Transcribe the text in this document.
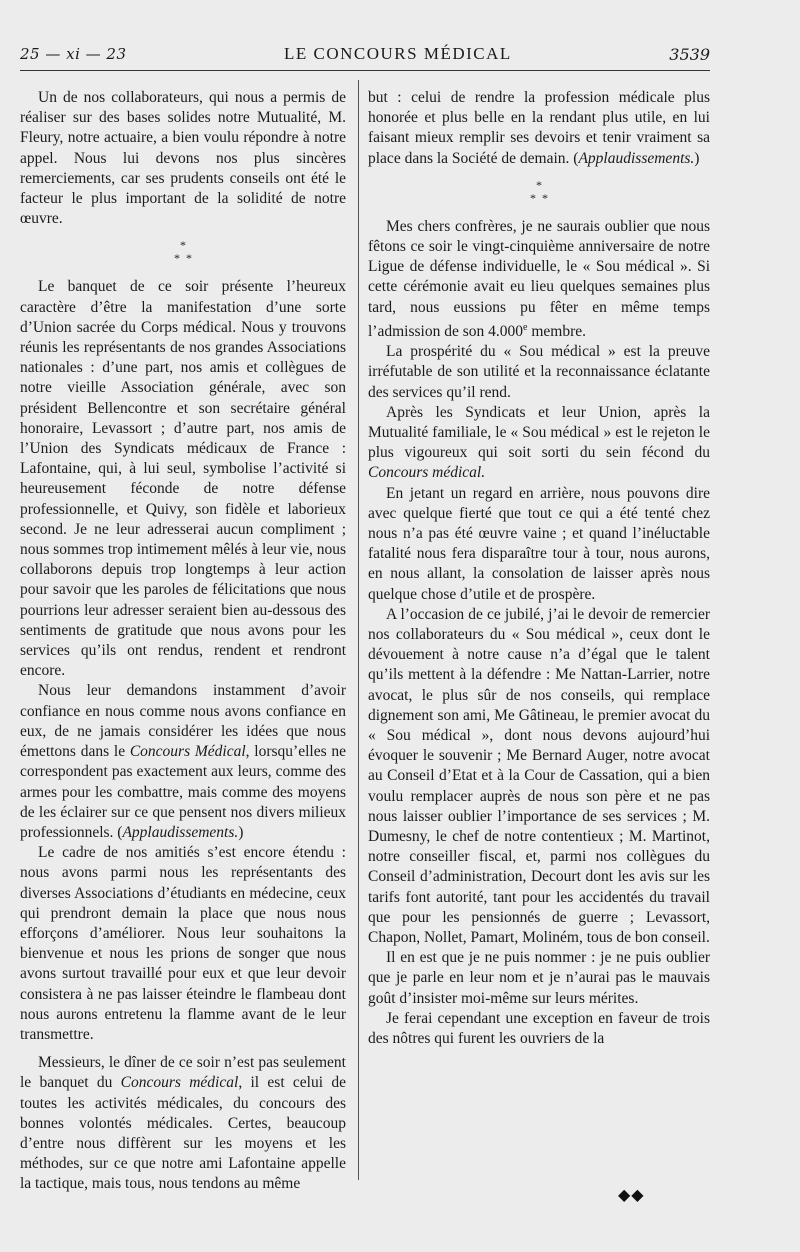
25 — xi — 23	LE CONCOURS MÉDICAL	3539

Un de nos collaborateurs, qui nous a permis de réaliser sur des bases solides notre Mutualité, M. Fleury, notre actuaire, a bien voulu répondre à notre appel. Nous lui devons nos plus sincères remerciements, car ses prudents conseils ont été le facteur le plus important de la solidité de notre œuvre.

*
**

Le banquet de ce soir présente l’heureux caractère d’être la manifestation d’une sorte d’Union sacrée du Corps médical. Nous y trouvons réunis les représentants de nos grandes Associations nationales : d’une part, nos amis et collègues de notre vieille Association générale, avec son président Bellencontre et son secrétaire général honoraire, Levassort ; d’autre part, nos amis de l’Union des Syndicats médicaux de France : Lafontaine, qui, à lui seul, symbolise l’activité si heureusement féconde de notre défense professionnelle, et Quivy, son fidèle et laborieux second. Je ne leur adresserai aucun compliment ; nous sommes trop intimement mêlés à leur vie, nous collaborons depuis trop longtemps à leur action pour savoir que les paroles de félicitations que nous pourrions leur adresser seraient bien au-dessous des sentiments de gratitude que nous avons pour les services qu’ils ont rendus, rendent et rendront encore.

Nous leur demandons instamment d’avoir confiance en nous comme nous avons confiance en eux, de ne jamais considérer les idées que nous émettons dans le Concours Médical, lorsqu’elles ne correspondent pas exactement aux leurs, comme des armes pour les combattre, mais comme des moyens de les éclairer sur ce que pensent nos divers milieux professionnels. (Applaudissements.)

Le cadre de nos amitiés s’est encore étendu : nous avons parmi nous les représentants des diverses Associations d’étudiants en médecine, ceux qui prendront demain la place que nous nous efforçons d’améliorer. Nous leur souhaitons la bienvenue et nous les prions de songer que nous avons surtout travaillé pour eux et que leur devoir consistera à ne pas laisser éteindre le flambeau dont nous aurons entretenu la flamme avant de le leur transmettre.

Messieurs, le dîner de ce soir n’est pas seulement le banquet du Concours médical, il est celui de toutes les activités médicales, du concours des bonnes volontés médicales. Certes, beaucoup d’entre nous diffèrent sur les moyens et les méthodes, sur ce que notre ami Lafontaine appelle la tactique, mais tous, nous tendons au même

but : celui de rendre la profession médicale plus honorée et plus belle en la rendant plus utile, en lui faisant mieux remplir ses devoirs et tenir vraiment sa place dans la Société de demain. (Applaudissements.)

*
**

Mes chers confrères, je ne saurais oublier que nous fêtons ce soir le vingt-cinquième anniversaire de notre Ligue de défense individuelle, le « Sou médical ». Si cette cérémonie avait eu lieu quelques semaines plus tard, nous eussions pu fêter en même temps l’admission de son 4.000e membre.

La prospérité du « Sou médical » est la preuve irréfutable de son utilité et la reconnaissance éclatante des services qu’il rend.

Après les Syndicats et leur Union, après la Mutualité familiale, le « Sou médical » est le rejeton le plus vigoureux qui soit sorti du sein fécond du Concours médical.

En jetant un regard en arrière, nous pouvons dire avec quelque fierté que tout ce qui a été tenté chez nous n’a pas été œuvre vaine ; et quand l’inéluctable fatalité nous fera disparaître tour à tour, nous aurons, en nous allant, la consolation de laisser après nous quelque chose d’utile et de prospère.

A l’occasion de ce jubilé, j’ai le devoir de remercier nos collaborateurs du « Sou médical », ceux dont le dévouement à notre cause n’a d’égal que le talent qu’ils mettent à la défendre : Me Nattan-Larrier, notre avocat, le plus sûr de nos conseils, qui remplace dignement son ami, Me Gâtineau, le premier avocat du « Sou médical », dont nous devons aujourd’hui évoquer le souvenir ; Me Bernard Auger, notre avocat au Conseil d’Etat et à la Cour de Cassation, qui a bien voulu remplacer auprès de nous son père et ne pas nous laisser oublier l’importance de ses services ; M. Dumesny, le chef de notre contentieux ; M. Martinot, notre conseiller fiscal, et, parmi nos collègues du Conseil d’administration, Decourt dont les avis sur les tarifs font autorité, tant pour les accidentés du travail que pour les pensionnés de guerre ; Levassort, Chapon, Nollet, Pamart, Moliném, tous de bon conseil.

Il en est que je ne puis nommer : je ne puis oublier que je parle en leur nom et je n’aurai pas le mauvais goût d’insister moi-même sur leurs mérites.

Je ferai cependant une exception en faveur de trois des nôtres qui furent les ouvriers de la

◆◆
